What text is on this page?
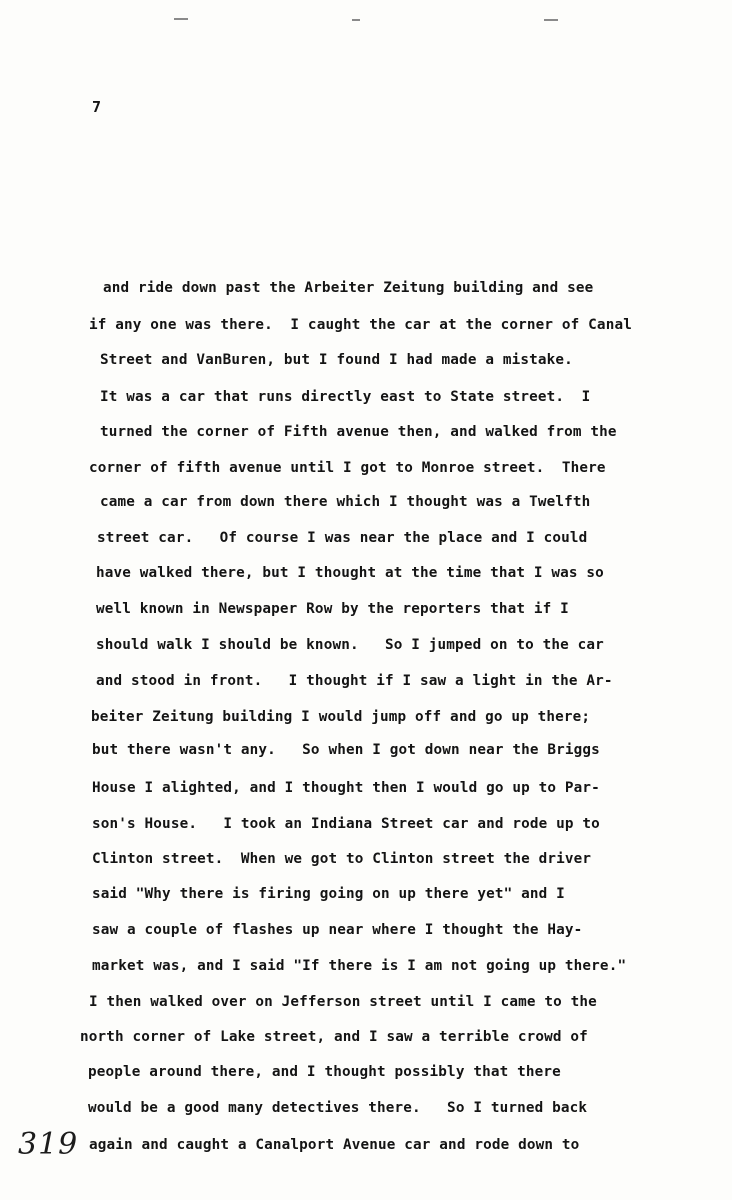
7
and ride down past the Arbeiter Zeitung building and see
if any one was there.  I caught the car at the corner of Canal
Street and VanBuren, but I found I had made a mistake.
It was a car that runs directly east to State street.  I
turned the corner of Fifth avenue then, and walked from the
corner of fifth avenue until I got to Monroe street.  There
came a car from down there which I thought was a Twelfth
street car.   Of course I was near the place and I could
have walked there, but I thought at the time that I was so
well known in Newspaper Row by the reporters that if I
should walk I should be known.   So I jumped on to the car
and stood in front.   I thought if I saw a light in the Ar-
beiter Zeitung building I would jump off and go up there;
but there wasn't any.   So when I got down near the Briggs
House I alighted, and I thought then I would go up to Par-
son's House.   I took an Indiana Street car and rode up to
Clinton street.  When we got to Clinton street the driver
said "Why there is firing going on up there yet" and I
saw a couple of flashes up near where I thought the Hay-
market was, and I said "If there is I am not going up there."
I then walked over on Jefferson street until I came to the
north corner of Lake street, and I saw a terrible crowd of
people around there, and I thought possibly that there
would be a good many detectives there.   So I turned back
again and caught a Canalport Avenue car and rode down to
319
